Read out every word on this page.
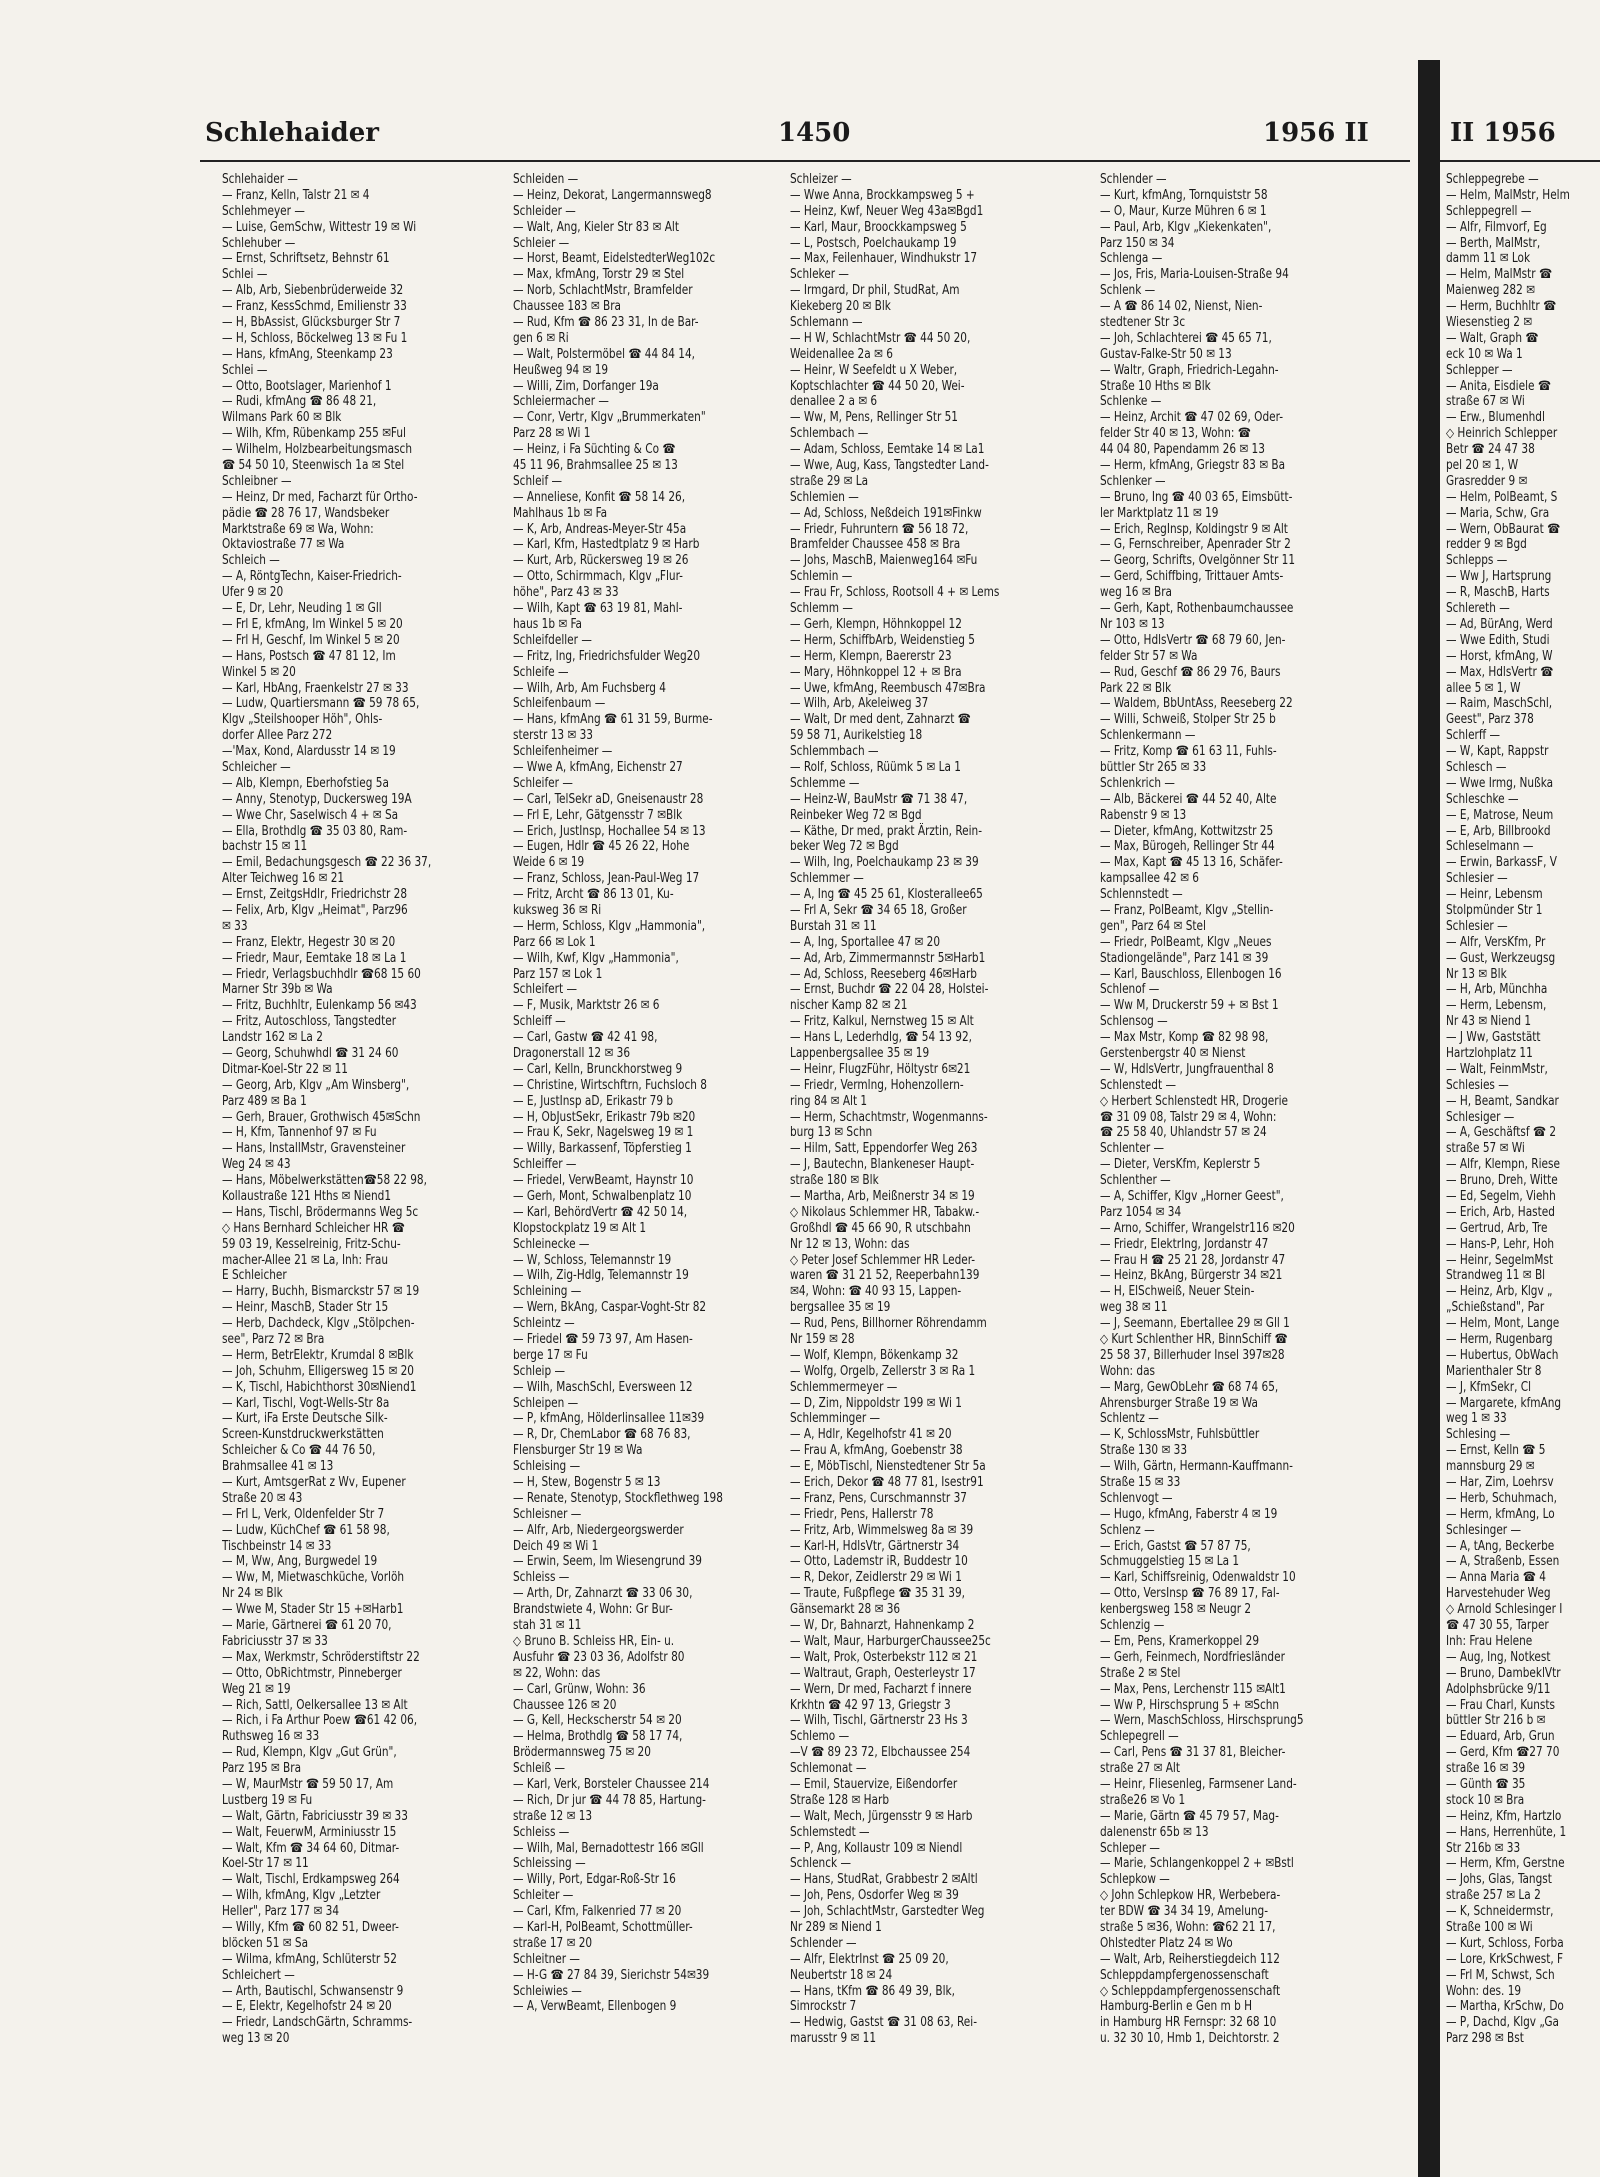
Schlehaider	1450	1956 II	II 1956
Schlehaider —
— Franz, Kelln, Talstr 21 ✉ 4
Schlehmeyer —
— Luise, GemSchw, Wittestr 19 ✉ Wi
Schlehuber —
— Ernst, Schriftsetz, Behnstr 61
Schlei —
— Alb, Arb, Siebenbrüderweide 32
— Franz, KessSchmd, Emilienstr 33
— H, BbAssist, Glücksburger Str 7
— H, Schloss, Böckelweg 13 ✉ Fu 1
— Hans, kfmAng, Steenkamp 23
Schlei —
— Otto, Bootslager, Marienhof 1
— Rudi, kfmAng ☎ 86 48 21,
Wilmans Park 60 ✉ Blk
— Wilh, Kfm, Rübenkamp 255 ✉Ful
— Wilhelm, Holzbearbeitungsmasch
☎ 54 50 10, Steenwisch 1a ✉ Stel
Schleibner —
— Heinz, Dr med, Facharzt für Ortho-
pädie ☎ 28 76 17, Wandsbeker
Marktstraße 69 ✉ Wa, Wohn:
Oktaviostraße 77 ✉ Wa
Schleich —
— A, RöntgTechn, Kaiser-Friedrich-
Ufer 9 ✉ 20
— E, Dr, Lehr, Neuding 1 ✉ Gll
— Frl E, kfmAng, Im Winkel 5 ✉ 20
— Frl H, Geschf, Im Winkel 5 ✉ 20
— Hans, Postsch ☎ 47 81 12, Im
Winkel 5 ✉ 20
— Karl, HbAng, Fraenkelstr 27 ✉ 33
— Ludw, Quartiersmann ☎ 59 78 65,
Klgv „Steilshooper Höh", Ohls-
dorfer Allee Parz 272
—'Max, Kond, Alardusstr 14 ✉ 19
Schleicher —
— Alb, Klempn, Eberhofstieg 5a
— Anny, Stenotyp, Duckersweg 19A
— Wwe Chr, Saselwisch 4 + ✉ Sa
— Ella, Brothdlg ☎ 35 03 80, Ram-
bachstr 15 ✉ 11
— Emil, Bedachungsgesch ☎ 22 36 37,
Alter Teichweg 16 ✉ 21
— Ernst, ZeitgsHdlr, Friedrichstr 28
— Felix, Arb, Klgv „Heimat", Parz96
✉ 33
— Franz, Elektr, Hegestr 30 ✉ 20
— Friedr, Maur, Eemtake 18 ✉ La 1
— Friedr, Verlagsbuchhdlr ☎68 15 60
Marner Str 39b ✉ Wa
— Fritz, Buchhltr, Eulenkamp 56 ✉43
— Fritz, Autoschloss, Tangstedter
Landstr 162 ✉ La 2
— Georg, Schuhwhdl ☎ 31 24 60
Ditmar-Koel-Str 22 ✉ 11
— Georg, Arb, Klgv „Am Winsberg",
Parz 489 ✉ Ba 1
— Gerh, Brauer, Grothwisch 45✉Schn
— H, Kfm, Tannenhof 97 ✉ Fu
— Hans, InstallMstr, Gravensteiner
Weg 24 ✉ 43
— Hans, Möbelwerkstätten☎58 22 98,
Kollaustraße 121 Hths ✉ Niend1
— Hans, Tischl, Brödermanns Weg 5c
◇ Hans Bernhard Schleicher HR ☎
59 03 19, Kesselreinig, Fritz-Schu-
macher-Allee 21 ✉ La, Inh: Frau
E Schleicher
— Harry, Buchh, Bismarckstr 57 ✉ 19
— Heinr, MaschB, Stader Str 15
— Herb, Dachdeck, Klgv „Stölpchen-
see", Parz 72 ✉ Bra
— Herm, BetrElektr, Krumdal 8 ✉Blk
— Joh, Schuhm, Elligersweg 15 ✉ 20
— K, Tischl, Habichthorst 30✉Niend1
— Karl, Tischl, Vogt-Wells-Str 8a
— Kurt, iFa Erste Deutsche Silk-
Screen-Kunstdruckwerkstätten
Schleicher & Co ☎ 44 76 50,
Brahmsallee 41 ✉ 13
— Kurt, AmtsgerRat z Wv, Eupener
Straße 20 ✉ 43
— Frl L, Verk, Oldenfelder Str 7
— Ludw, KüchChef ☎ 61 58 98,
Tischbeinstr 14 ✉ 33
— M, Ww, Ang, Burgwedel 19
— Ww, M, Mietwaschküche, Vorlöh
Nr 24 ✉ Blk
— Wwe M, Stader Str 15 +✉Harb1
— Marie, Gärtnerei ☎ 61 20 70,
Fabriciusstr 37 ✉ 33
— Max, Werkmstr, Schröderstiftstr 22
— Otto, ObRichtmstr, Pinneberger
Weg 21 ✉ 19
— Rich, Sattl, Oelkersallee 13 ✉ Alt
— Rich, i Fa Arthur Poew ☎61 42 06,
Ruthsweg 16 ✉ 33
— Rud, Klempn, Klgv „Gut Grün",
Parz 195 ✉ Bra
— W, MaurMstr ☎ 59 50 17, Am
Lustberg 19 ✉ Fu
— Walt, Gärtn, Fabriciusstr 39 ✉ 33
— Walt, FeuerwM, Arminiusstr 15
— Walt, Kfm ☎ 34 64 60, Ditmar-
Koel-Str 17 ✉ 11
— Walt, Tischl, Erdkampsweg 264
— Wilh, kfmAng, Klgv „Letzter
Heller", Parz 177 ✉ 34
— Willy, Kfm ☎ 60 82 51, Dweer-
blöcken 51 ✉ Sa
— Wilma, kfmAng, Schlüterstr 52
Schleichert —
— Arth, Bautischl, Schwansenstr 9
— E, Elektr, Kegelhofstr 24 ✉ 20
— Friedr, LandschGärtn, Schramms-
weg 13 ✉ 20
Schleiden —
— Heinz, Dekorat, Langermannsweg8
Schleider —
— Walt, Ang, Kieler Str 83 ✉ Alt
Schleier —
— Horst, Beamt, EidelstedterWeg102c
— Max, kfmAng, Torstr 29 ✉ Stel
— Norb, SchlachtMstr, Bramfelder
Chaussee 183 ✉ Bra
— Rud, Kfm ☎ 86 23 31, In de Bar-
gen 6 ✉ Ri
— Walt, Polstermöbel ☎ 44 84 14,
Heußweg 94 ✉ 19
— Willi, Zim, Dorfanger 19a
Schleiermacher —
— Conr, Vertr, Klgv „Brummerkaten"
Parz 28 ✉ Wi 1
— Heinz, i Fa Süchting & Co ☎
45 11 96, Brahmsallee 25 ✉ 13
Schleif —
— Anneliese, Konfit ☎ 58 14 26,
Mahlhaus 1b ✉ Fa
— K, Arb, Andreas-Meyer-Str 45a
— Karl, Kfm, Hastedtplatz 9 ✉ Harb
— Kurt, Arb, Rückersweg 19 ✉ 26
— Otto, Schirmmach, Klgv „Flur-
höhe", Parz 43 ✉ 33
— Wilh, Kapt ☎ 63 19 81, Mahl-
haus 1b ✉ Fa
Schleifdeller —
— Fritz, Ing, Friedrichsfulder Weg20
Schleife —
— Wilh, Arb, Am Fuchsberg 4
Schleifenbaum —
— Hans, kfmAng ☎ 61 31 59, Burme-
sterstr 13 ✉ 33
Schleifenheimer —
— Wwe A, kfmAng, Eichenstr 27
Schleifer —
— Carl, TelSekr aD, Gneisenaustr 28
— Frl E, Lehr, Gätgensstr 7 ✉Blk
— Erich, JustInsp, Hochallee 54 ✉ 13
— Eugen, Hdlr ☎ 45 26 22, Hohe
Weide 6 ✉ 19
— Franz, Schloss, Jean-Paul-Weg 17
— Fritz, Archt ☎ 86 13 01, Ku-
kuksweg 36 ✉ Ri
— Herm, Schloss, Klgv „Hammonia",
Parz 66 ✉ Lok 1
— Wilh, Kwf, Klgv „Hammonia",
Parz 157 ✉ Lok 1
Schleifert —
— F, Musik, Marktstr 26 ✉ 6
Schleiff —
— Carl, Gastw ☎ 42 41 98,
Dragonerstall 12 ✉ 36
— Carl, Kelln, Brunckhorstweg 9
— Christine, Wirtschftrn, Fuchsloch 8
— E, JustInsp aD, Erikastr 79 b
— H, ObJustSekr, Erikastr 79b ✉20
— Frau K, Sekr, Nagelsweg 19 ✉ 1
— Willy, Barkassenf, Töpferstieg 1
Schleiffer —
— Friedel, VerwBeamt, Haynstr 10
— Gerh, Mont, Schwalbenplatz 10
— Karl, BehördVertr ☎ 42 50 14,
Klopstockplatz 19 ✉ Alt 1
Schleinecke —
— W, Schloss, Telemannstr 19
— Wilh, Zig-Hdlg, Telemannstr 19
Schleining —
— Wern, BkAng, Caspar-Voght-Str 82
Schleintz —
— Friedel ☎ 59 73 97, Am Hasen-
berge 17 ✉ Fu
Schleip —
— Wilh, MaschSchl, Eversween 12
Schleipen —
— P, kfmAng, Hölderlinsallee 11✉39
— R, Dr, ChemLabor ☎ 68 76 83,
Flensburger Str 19 ✉ Wa
Schleising —
— H, Stew, Bogenstr 5 ✉ 13
— Renate, Stenotyp, Stockflethweg 198
Schleisner —
— Alfr, Arb, Niedergeorgswerder
Deich 49 ✉ Wi 1
— Erwin, Seem, Im Wiesengrund 39
Schleiss —
— Arth, Dr, Zahnarzt ☎ 33 06 30,
Brandstwiete 4, Wohn: Gr Bur-
stah 31 ✉ 11
◇ Bruno B. Schleiss HR, Ein- u.
Ausfuhr ☎ 23 03 36, Adolfstr 80
✉ 22, Wohn: das
— Carl, Grünw, Wohn: 36
Chaussee 126 ✉ 20
— G, Kell, Heckscherstr 54 ✉ 20
— Helma, Brothdlg ☎ 58 17 74,
Brödermannsweg 75 ✉ 20
Schleiß —
— Karl, Verk, Borsteler Chaussee 214
— Rich, Dr jur ☎ 44 78 85, Hartung-
straße 12 ✉ 13
Schleiss —
— Wilh, Mal, Bernadottestr 166 ✉Gll
Schleissing —
— Willy, Port, Edgar-Roß-Str 16
Schleiter —
— Carl, Kfm, Falkenried 77 ✉ 20
— Karl-H, PolBeamt, Schottmüller-
straße 17 ✉ 20
Schleitner —
— H-G ☎ 27 84 39, Sierichstr 54✉39
Schleiwies —
— A, VerwBeamt, Ellenbogen 9
Schleizer —
— Wwe Anna, Brockkampsweg 5 +
— Heinz, Kwf, Neuer Weg 43a✉Bgd1
— Karl, Maur, Broockkampsweg 5
— L, Postsch, Poelchaukamp 19
— Max, Feilenhauer, Windhukstr 17
Schleker —
— Irmgard, Dr phil, StudRat, Am
Kiekeberg 20 ✉ Blk
Schlemann —
— H W, SchlachtMstr ☎ 44 50 20,
Weidenallee 2a ✉ 6
— Heinr, W Seefeldt u X Weber,
Koptschlachter ☎ 44 50 20, Wei-
denallee 2 a ✉ 6
— Ww, M, Pens, Rellinger Str 51
Schlembach —
— Adam, Schloss, Eemtake 14 ✉ La1
— Wwe, Aug, Kass, Tangstedter Land-
straße 29 ✉ La
Schlemien —
— Ad, Schloss, Neßdeich 191✉Finkw
— Friedr, Fuhruntern ☎ 56 18 72,
Bramfelder Chaussee 458 ✉ Bra
— Johs, MaschB, Maienweg164 ✉Fu
Schlemin —
— Frau Fr, Schloss, Rootsoll 4 + ✉ Lems
Schlemm —
— Gerh, Klempn, Höhnkoppel 12
— Herm, SchiffbArb, Weidenstieg 5
— Herm, Klempn, Baererstr 23
— Mary, Höhnkoppel 12 + ✉ Bra
— Uwe, kfmAng, Reembusch 47✉Bra
— Wilh, Arb, Akeleiweg 37
— Walt, Dr med dent, Zahnarzt ☎
59 58 71, Aurikelstieg 18
Schlemmbach —
— Rolf, Schloss, Rüümk 5 ✉ La 1
Schlemme —
— Heinz-W, BauMstr ☎ 71 38 47,
Reinbeker Weg 72 ✉ Bgd
— Käthe, Dr med, prakt Ärztin, Rein-
beker Weg 72 ✉ Bgd
— Wilh, Ing, Poelchaukamp 23 ✉ 39
Schlemmer —
— A, Ing ☎ 45 25 61, Klosterallee65
— Frl A, Sekr ☎ 34 65 18, Großer
Burstah 31 ✉ 11
— A, Ing, Sportallee 47 ✉ 20
— Ad, Arb, Zimmermannstr 5✉Harb1
— Ad, Schloss, Reeseberg 46✉Harb
— Ernst, Buchdr ☎ 22 04 28, Holstei-
nischer Kamp 82 ✉ 21
— Fritz, Kalkul, Nernstweg 15 ✉ Alt
— Hans L, Lederhdlg, ☎ 54 13 92,
Lappenbergsallee 35 ✉ 19
— Heinr, FlugzFühr, Höltystr 6✉21
— Friedr, Vermlng, Hohenzollern-
ring 84 ✉ Alt 1
— Herm, Schachtmstr, Wogenmanns-
burg 13 ✉ Schn
— Hilm, Satt, Eppendorfer Weg 263
— J, Bautechn, Blankeneser Haupt-
straße 180 ✉ Blk
— Martha, Arb, Meißnerstr 34 ✉ 19
◇ Nikolaus Schlemmer HR, Tabakw.-
Großhdl ☎ 45 66 90, R utschbahn
Nr 12 ✉ 13, Wohn: das
◇ Peter Josef Schlemmer HR Leder-
waren ☎ 31 21 52, Reeperbahn139
✉4, Wohn: ☎ 40 93 15, Lappen-
bergsallee 35 ✉ 19
— Rud, Pens, Billhorner Röhrendamm
Nr 159 ✉ 28
— Wolf, Klempn, Bökenkamp 32
— Wolfg, Orgelb, Zellerstr 3 ✉ Ra 1
Schlemmermeyer —
— D, Zim, Nippoldstr 199 ✉ Wi 1
Schlemminger —
— A, Hdlr, Kegelhofstr 41 ✉ 20
— Frau A, kfmAng, Goebenstr 38
— E, MöbTischl, Nienstedtener Str 5a
— Erich, Dekor ☎ 48 77 81, Isestr91
— Franz, Pens, Curschmannstr 37
— Friedr, Pens, Hallerstr 78
— Fritz, Arb, Wimmelsweg 8a ✉ 39
— Karl-H, HdlsVtr, Gärtnerstr 34
— Otto, Lademstr iR, Buddestr 10
— R, Dekor, Zeidlerstr 29 ✉ Wi 1
— Traute, Fußpflege ☎ 35 31 39,
Gänsemarkt 28 ✉ 36
— W, Dr, Bahnarzt, Hahnenkamp 2
— Walt, Maur, HarburgerChaussee25c
— Walt, Prok, Osterbekstr 112 ✉ 21
— Waltraut, Graph, Oesterleystr 17
— Wern, Dr med, Facharzt f innere
Krkhtn ☎ 42 97 13, Griegstr 3
— Wilh, Tischl, Gärtnerstr 23 Hs 3
Schlemo —
—V ☎ 89 23 72, Elbchaussee 254
Schlemonat —
— Emil, Stauervize, Eißendorfer
Straße 128 ✉ Harb
— Walt, Mech, Jürgensstr 9 ✉ Harb
Schlemstedt —
— P, Ang, Kollaustr 109 ✉ Niendl
Schlenck —
— Hans, StudRat, Grabbestr 2 ✉Altl
— Joh, Pens, Osdorfer Weg ✉ 39
— Joh, SchlachtMstr, Garstedter Weg
Nr 289 ✉ Niend 1
Schlender —
— Alfr, ElektrInst ☎ 25 09 20,
Neubertstr 18 ✉ 24
— Hans, tKfm ☎ 86 49 39, Blk,
Simrockstr 7
— Hedwig, Gastst ☎ 31 08 63, Rei-
marusstr 9 ✉ 11
Schlender —
— Kurt, kfmAng, Tornquiststr 58
— O, Maur, Kurze Mühren 6 ✉ 1
— Paul, Arb, Klgv „Kiekenkaten",
Parz 150 ✉ 34
Schlenga —
— Jos, Fris, Maria-Louisen-Straße 94
Schlenk —
— A ☎ 86 14 02, Nienst, Nien-
stedtener Str 3c
— Joh, Schlachterei ☎ 45 65 71,
Gustav-Falke-Str 50 ✉ 13
— Waltr, Graph, Friedrich-Legahn-
Straße 10 Hths ✉ Blk
Schlenke —
— Heinz, Archit ☎ 47 02 69, Oder-
felder Str 40 ✉ 13, Wohn: ☎
44 04 80, Papendamm 26 ✉ 13
— Herm, kfmAng, Griegstr 83 ✉ Ba
Schlenker —
— Bruno, Ing ☎ 40 03 65, Eimsbütt-
ler Marktplatz 11 ✉ 19
— Erich, RegInsp, Koldingstr 9 ✉ Alt
— G, Fernschreiber, Apenrader Str 2
— Georg, Schrifts, Ovelgönner Str 11
— Gerd, Schiffbing, Trittauer Amts-
weg 16 ✉ Bra
— Gerh, Kapt, Rothenbaumchaussee
Nr 103 ✉ 13
— Otto, HdlsVertr ☎ 68 79 60, Jen-
felder Str 57 ✉ Wa
— Rud, Geschf ☎ 86 29 76, Baurs
Park 22 ✉ Blk
— Waldem, BbUntAss, Reeseberg 22
— Willi, Schweiß, Stolper Str 25 b
Schlenkermann —
— Fritz, Komp ☎ 61 63 11, Fuhls-
büttler Str 265 ✉ 33
Schlenkrich —
— Alb, Bäckerei ☎ 44 52 40, Alte
Rabenstr 9 ✉ 13
— Dieter, kfmAng, Kottwitzstr 25
— Max, Bürogeh, Rellinger Str 44
— Max, Kapt ☎ 45 13 16, Schäfer-
kampsallee 42 ✉ 6
Schlennstedt —
— Franz, PolBeamt, Klgv „Stellin-
gen", Parz 64 ✉ Stel
— Friedr, PolBeamt, Klgv „Neues
Stadiongelände", Parz 141 ✉ 39
— Karl, Bauschloss, Ellenbogen 16
Schlenof —
— Ww M, Druckerstr 59 + ✉ Bst 1
Schlensog —
— Max Mstr, Komp ☎ 82 98 98,
Gerstenbergstr 40 ✉ Nienst
— W, HdlsVertr, Jungfrauenthal 8
Schlenstedt —
◇ Herbert Schlenstedt HR, Drogerie
☎ 31 09 08, Talstr 29 ✉ 4, Wohn:
☎ 25 58 40, Uhlandstr 57 ✉ 24
Schlenter —
— Dieter, VersKfm, Keplerstr 5
Schlenther —
— A, Schiffer, Klgv „Horner Geest",
Parz 1054 ✉ 34
— Arno, Schiffer, Wrangelstr116 ✉20
— Friedr, ElektrIng, Jordanstr 47
— Frau H ☎ 25 21 28, Jordanstr 47
— Heinz, BkAng, Bürgerstr 34 ✉21
— H, ElSchweiß, Neuer Stein-
weg 38 ✉ 11
— J, Seemann, Ebertallee 29 ✉ Gll 1
◇ Kurt Schlenther HR, BinnSchiff ☎
25 58 37, Billerhuder Insel 397✉28
Wohn: das
— Marg, GewObLehr ☎ 68 74 65,
Ahrensburger Straße 19 ✉ Wa
Schlentz —
— K, SchlossMstr, Fuhlsbüttler
Straße 130 ✉ 33
— Wilh, Gärtn, Hermann-Kauffmann-
Straße 15 ✉ 33
Schlenvogt —
— Hugo, kfmAng, Faberstr 4 ✉ 19
Schlenz —
— Erich, Gastst ☎ 57 87 75,
Schmuggelstieg 15 ✉ La 1
— Karl, Schiffsreinig, Odenwaldstr 10
— Otto, VersInsp ☎ 76 89 17, Fal-
kenbergsweg 158 ✉ Neugr 2
Schlenzig —
— Em, Pens, Kramerkoppel 29
— Gerh, Feinmech, Nordfriesländer
Straße 2 ✉ Stel
— Max, Pens, Lerchenstr 115 ✉Alt1
— Ww P, Hirschsprung 5 + ✉Schn
— Wern, MaschSchloss, Hirschsprung5
Schlepegrell —
— Carl, Pens ☎ 31 37 81, Bleicher-
straße 27 ✉ Alt
— Heinr, Fliesenleg, Farmsener Land-
straße26 ✉ Vo 1
— Marie, Gärtn ☎ 45 79 57, Mag-
dalenenstr 65b ✉ 13
Schleper —
— Marie, Schlangenkoppel 2 + ✉Bstl
Schlepkow —
◇ John Schlepkow HR, Werbebera-
ter BDW ☎ 34 34 19, Amelung-
straße 5 ✉36, Wohn: ☎62 21 17,
Ohlstedter Platz 24 ✉ Wo
— Walt, Arb, Reiherstiegdeich 112
Schleppdampfergenossenschaft
◇ Schleppdampfergenossenschaft
Hamburg-Berlin e Gen m b H
in Hamburg HR Fernspr: 32 68 10
u. 32 30 10, Hmb 1, Deichtorstr. 2
Schleppegrebe —
— Helm, MalMstr, Helm
Schleppegrell —
— Alfr, Filmvorf, Eg
— Berth, MalMstr,
damm 11 ✉ Lok
— Helm, MalMstr ☎
Maienweg 282 ✉
— Herm, Buchhltr ☎
Wiesenstieg 2 ✉
— Walt, Graph ☎
eck 10 ✉ Wa 1
Schlepper —
— Anita, Eisdiele ☎
straße 67 ✉ Wi
— Erw., Blumenhdl
◇ Heinrich Schlepper
Betr ☎ 24 47 38
pel 20 ✉ 1, W
Grasredder 9 ✉
— Helm, PolBeamt, S
— Maria, Schw, Gra
— Wern, ObBaurat ☎
redder 9 ✉ Bgd
Schlepps —
— Ww J, Hartsprung
— R, MaschB, Harts
Schlereth —
— Ad, BürAng, Werd
— Wwe Edith, Studi
— Horst, kfmAng, W
— Max, HdlsVertr ☎
allee 5 ✉ 1, W
— Raim, MaschSchl,
Geest", Parz 378
Schlerff —
— W, Kapt, Rappstr
Schlesch —
— Wwe Irmg, Nußka
Schleschke —
— E, Matrose, Neum
— E, Arb, Billbrookd
Schleselmann —
— Erwin, BarkassF, V
Schlesier —
— Heinr, Lebensm
Stolpmünder Str 1
Schlesier —
— Alfr, VersKfm, Pr
— Gust, Werkzeugsg
Nr 13 ✉ Blk
— H, Arb, Münchha
— Herm, Lebensm,
Nr 43 ✉ Niend 1
— J Ww, Gaststätt
Hartzlohplatz 11
— Walt, FeinmMstr,
Schlesies —
— H, Beamt, Sandkar
Schlesiger —
— A, Geschäftsf ☎ 2
straße 57 ✉ Wi
— Alfr, Klempn, Riese
— Bruno, Dreh, Witte
— Ed, Segelm, Viehh
— Erich, Arb, Hasted
— Gertrud, Arb, Tre
— Hans-P, Lehr, Hoh
— Heinr, SegelmMst
Strandweg 11 ✉ Bl
— Heinz, Arb, Klgv „
„Schießstand", Par
— Helm, Mont, Lange
— Herm, Rugenbarg
— Hubertus, ObWach
Marienthaler Str 8
— J, KfmSekr, Cl
— Margarete, kfmAng
weg 1 ✉ 33
Schlesing —
— Ernst, Kelln ☎ 5
mannsburg 29 ✉
— Har, Zim, Loehrsv
— Herb, Schuhmach,
— Herm, kfmAng, Lo
Schlesinger —
— A, tAng, Beckerbe
— A, Straßenb, Essen
— Anna Maria ☎ 4
Harvestehuder Weg
◇ Arnold Schlesinger I
☎ 47 30 55, Tarper
Inh: Frau Helene
— Aug, Ing, Notkest
— Bruno, DambeklVtr
Adolphsbrücke 9/11
— Frau Charl, Kunsts
büttler Str 216 b ✉
— Eduard, Arb, Grun
— Gerd, Kfm ☎27 70
straße 16 ✉ 39
— Günth ☎ 35
stock 10 ✉ Bra
— Heinz, Kfm, Hartzlo
— Hans, Herrenhüte, 1
Str 216b ✉ 33
— Herm, Kfm, Gerstne
— Johs, Glas, Tangst
straße 257 ✉ La 2
— K, Schneidermstr,
Straße 100 ✉ Wi
— Kurt, Schloss, Forba
— Lore, KrkSchwest, F
— Frl M, Schwst, Sch
Wohn: des. 19
— Martha, KrSchw, Do
— P, Dachd, Klgv „Ga
Parz 298 ✉ Bst
